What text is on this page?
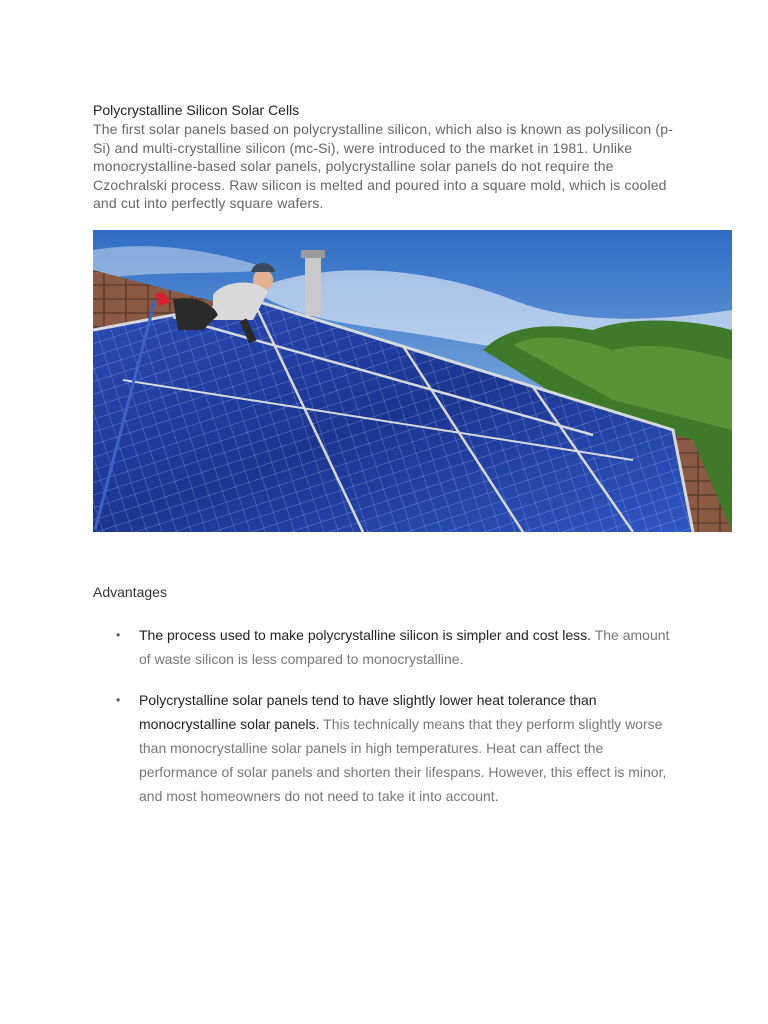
Polycrystalline Silicon Solar Cells

The first solar panels based on polycrystalline silicon, which also is known as polysilicon (p-Si) and multi-crystalline silicon (mc-Si), were introduced to the market in 1981. Unlike monocrystalline-based solar panels, polycrystalline solar panels do not require the Czochralski process. Raw silicon is melted and poured into a square mold, which is cooled and cut into perfectly square wafers.

Advantages
• The process used to make polycrystalline silicon is simpler and cost less. The amount of waste silicon is less compared to monocrystalline.
• Polycrystalline solar panels tend to have slightly lower heat tolerance than monocrystalline solar panels. This technically means that they perform slightly worse than monocrystalline solar panels in high temperatures. Heat can affect the performance of solar panels and shorten their lifespans. However, this effect is minor, and most homeowners do not need to take it into account.
